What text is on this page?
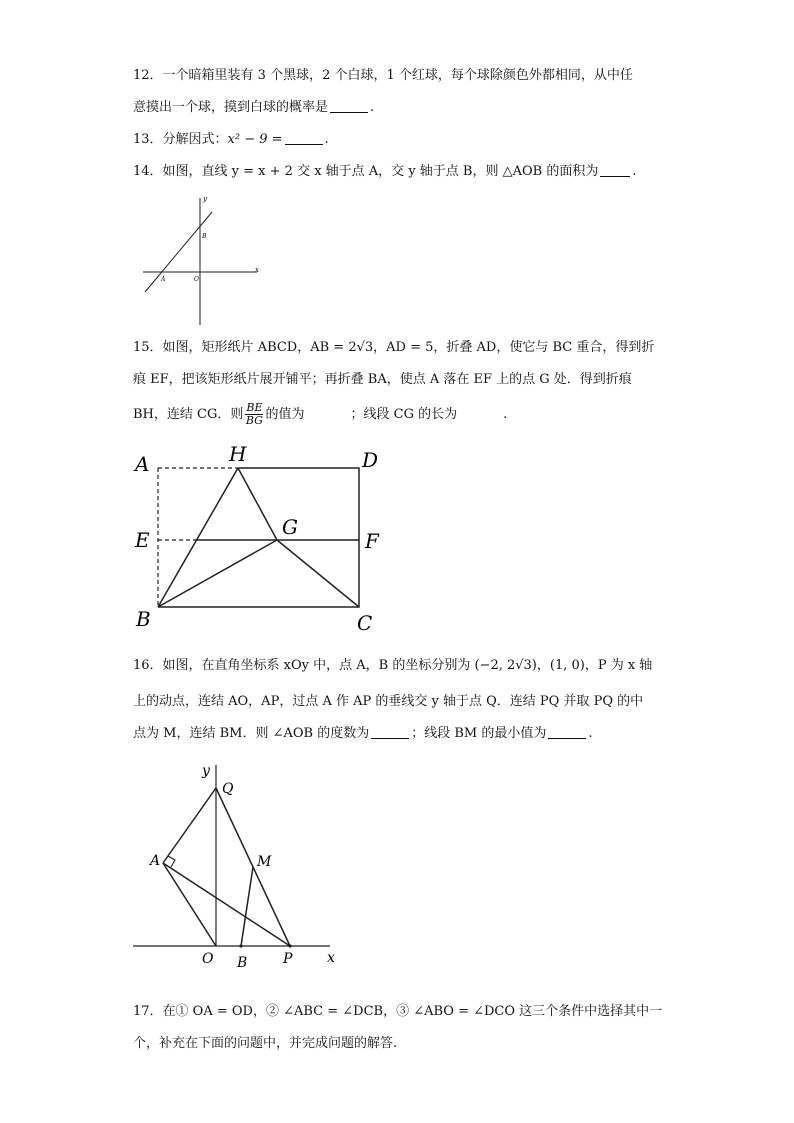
12．一个暗箱里装有 3 个黑球，2 个白球，1 个红球，每个球除颜色外都相同，从中任
意摸出一个球，摸到白球的概率是	.
13．分解因式：x² − 9 =	.
14．如图，直线 y = x + 2 交 x 轴于点 A，交 y 轴于点 B，则 △AOB 的面积为	.
y
x
B
A	O
15．如图，矩形纸片 ABCD，AB = 2√3，AD = 5，折叠 AD，使它与 BC 重合，得到折
痕 EF，把该矩形纸片展开铺平；再折叠 BA，使点 A 落在 EF 上的点 G 处．得到折痕
BH，连结 CG．则 $\frac{BE}{BG}$ 的值为	；线段 CG 的长为	.
A	H	D
E
G
F
B	C
16．如图，在直角坐标系 xOy 中，点 A，B 的坐标分别为 (−2, 2√3)，(1, 0)，P 为 x 轴
上的动点，连结 AO，AP，过点 A 作 AP 的垂线交 y 轴于点 Q．连结 PQ 并取 PQ 的中
点为 M，连结 BM．则 ∠AOB 的度数为	；线段 BM 的最小值为	.
y
Q
A	M
O B	P x
17．在① OA = OD，② ∠ABC = ∠DCB，③ ∠ABO = ∠DCO 这三个条件中选择其中一
个，补充在下面的问题中，并完成问题的解答.
